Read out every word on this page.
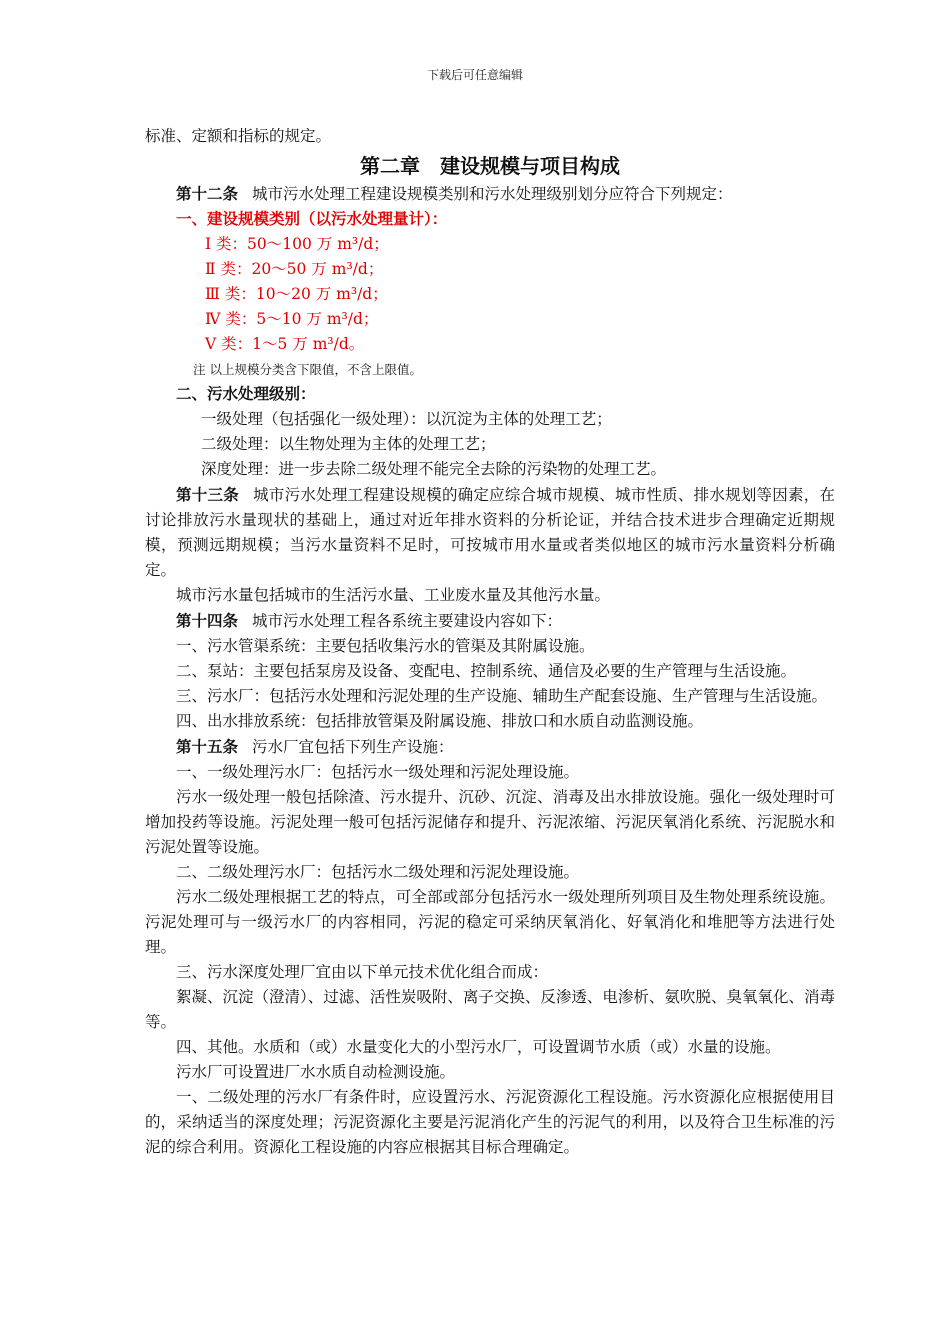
下载后可任意编辑

标准、定额和指标的规定。

第二章 建设规模与项目构成

第十二条 城市污水处理工程建设规模类别和污水处理级别划分应符合下列规定：

一、建设规模类别（以污水处理量计）：

Ⅰ 类：50～100 万 m³/d；

Ⅱ 类：20～50 万 m³/d；

Ⅲ 类：10～20 万 m³/d；

Ⅳ 类：5～10 万 m³/d；

Ⅴ 类：1～5 万 m³/d。

注 以上规模分类含下限值，不含上限值。

二、污水处理级别：

一级处理（包括强化一级处理）：以沉淀为主体的处理工艺；

二级处理：以生物处理为主体的处理工艺；

深度处理：进一步去除二级处理不能完全去除的污染物的处理工艺。

第十三条 城市污水处理工程建设规模的确定应综合城市规模、城市性质、排水规划等因素，在讨论排放污水量现状的基础上，通过对近年排水资料的分析论证，并结合技术进步合理确定近期规模，预测远期规模；当污水量资料不足时，可按城市用水量或者类似地区的城市污水量资料分析确定。

城市污水量包括城市的生活污水量、工业废水量及其他污水量。

第十四条 城市污水处理工程各系统主要建设内容如下：

一、污水管渠系统：主要包括收集污水的管渠及其附属设施。

二、泵站：主要包括泵房及设备、变配电、控制系统、通信及必要的生产管理与生活设施。

三、污水厂：包括污水处理和污泥处理的生产设施、辅助生产配套设施、生产管理与生活设施。

四、出水排放系统：包括排放管渠及附属设施、排放口和水质自动监测设施。

第十五条 污水厂宜包括下列生产设施：

一、一级处理污水厂：包括污水一级处理和污泥处理设施。

污水一级处理一般包括除渣、污水提升、沉砂、沉淀、消毒及出水排放设施。强化一级处理时可增加投药等设施。污泥处理一般可包括污泥储存和提升、污泥浓缩、污泥厌氧消化系统、污泥脱水和污泥处置等设施。

二、二级处理污水厂：包括污水二级处理和污泥处理设施。

污水二级处理根据工艺的特点，可全部或部分包括污水一级处理所列项目及生物处理系统设施。污泥处理可与一级污水厂的内容相同，污泥的稳定可采纳厌氧消化、好氧消化和堆肥等方法进行处理。

三、污水深度处理厂宜由以下单元技术优化组合而成：

絮凝、沉淀（澄清）、过滤、活性炭吸附、离子交换、反渗透、电渗析、氨吹脱、臭氧氧化、消毒等。

四、其他。水质和（或）水量变化大的小型污水厂，可设置调节水质（或）水量的设施。

污水厂可设置进厂水水质自动检测设施。

一、二级处理的污水厂有条件时，应设置污水、污泥资源化工程设施。污水资源化应根据使用目的，采纳适当的深度处理；污泥资源化主要是污泥消化产生的污泥气的利用，以及符合卫生标准的污泥的综合利用。资源化工程设施的内容应根据其目标合理确定。
